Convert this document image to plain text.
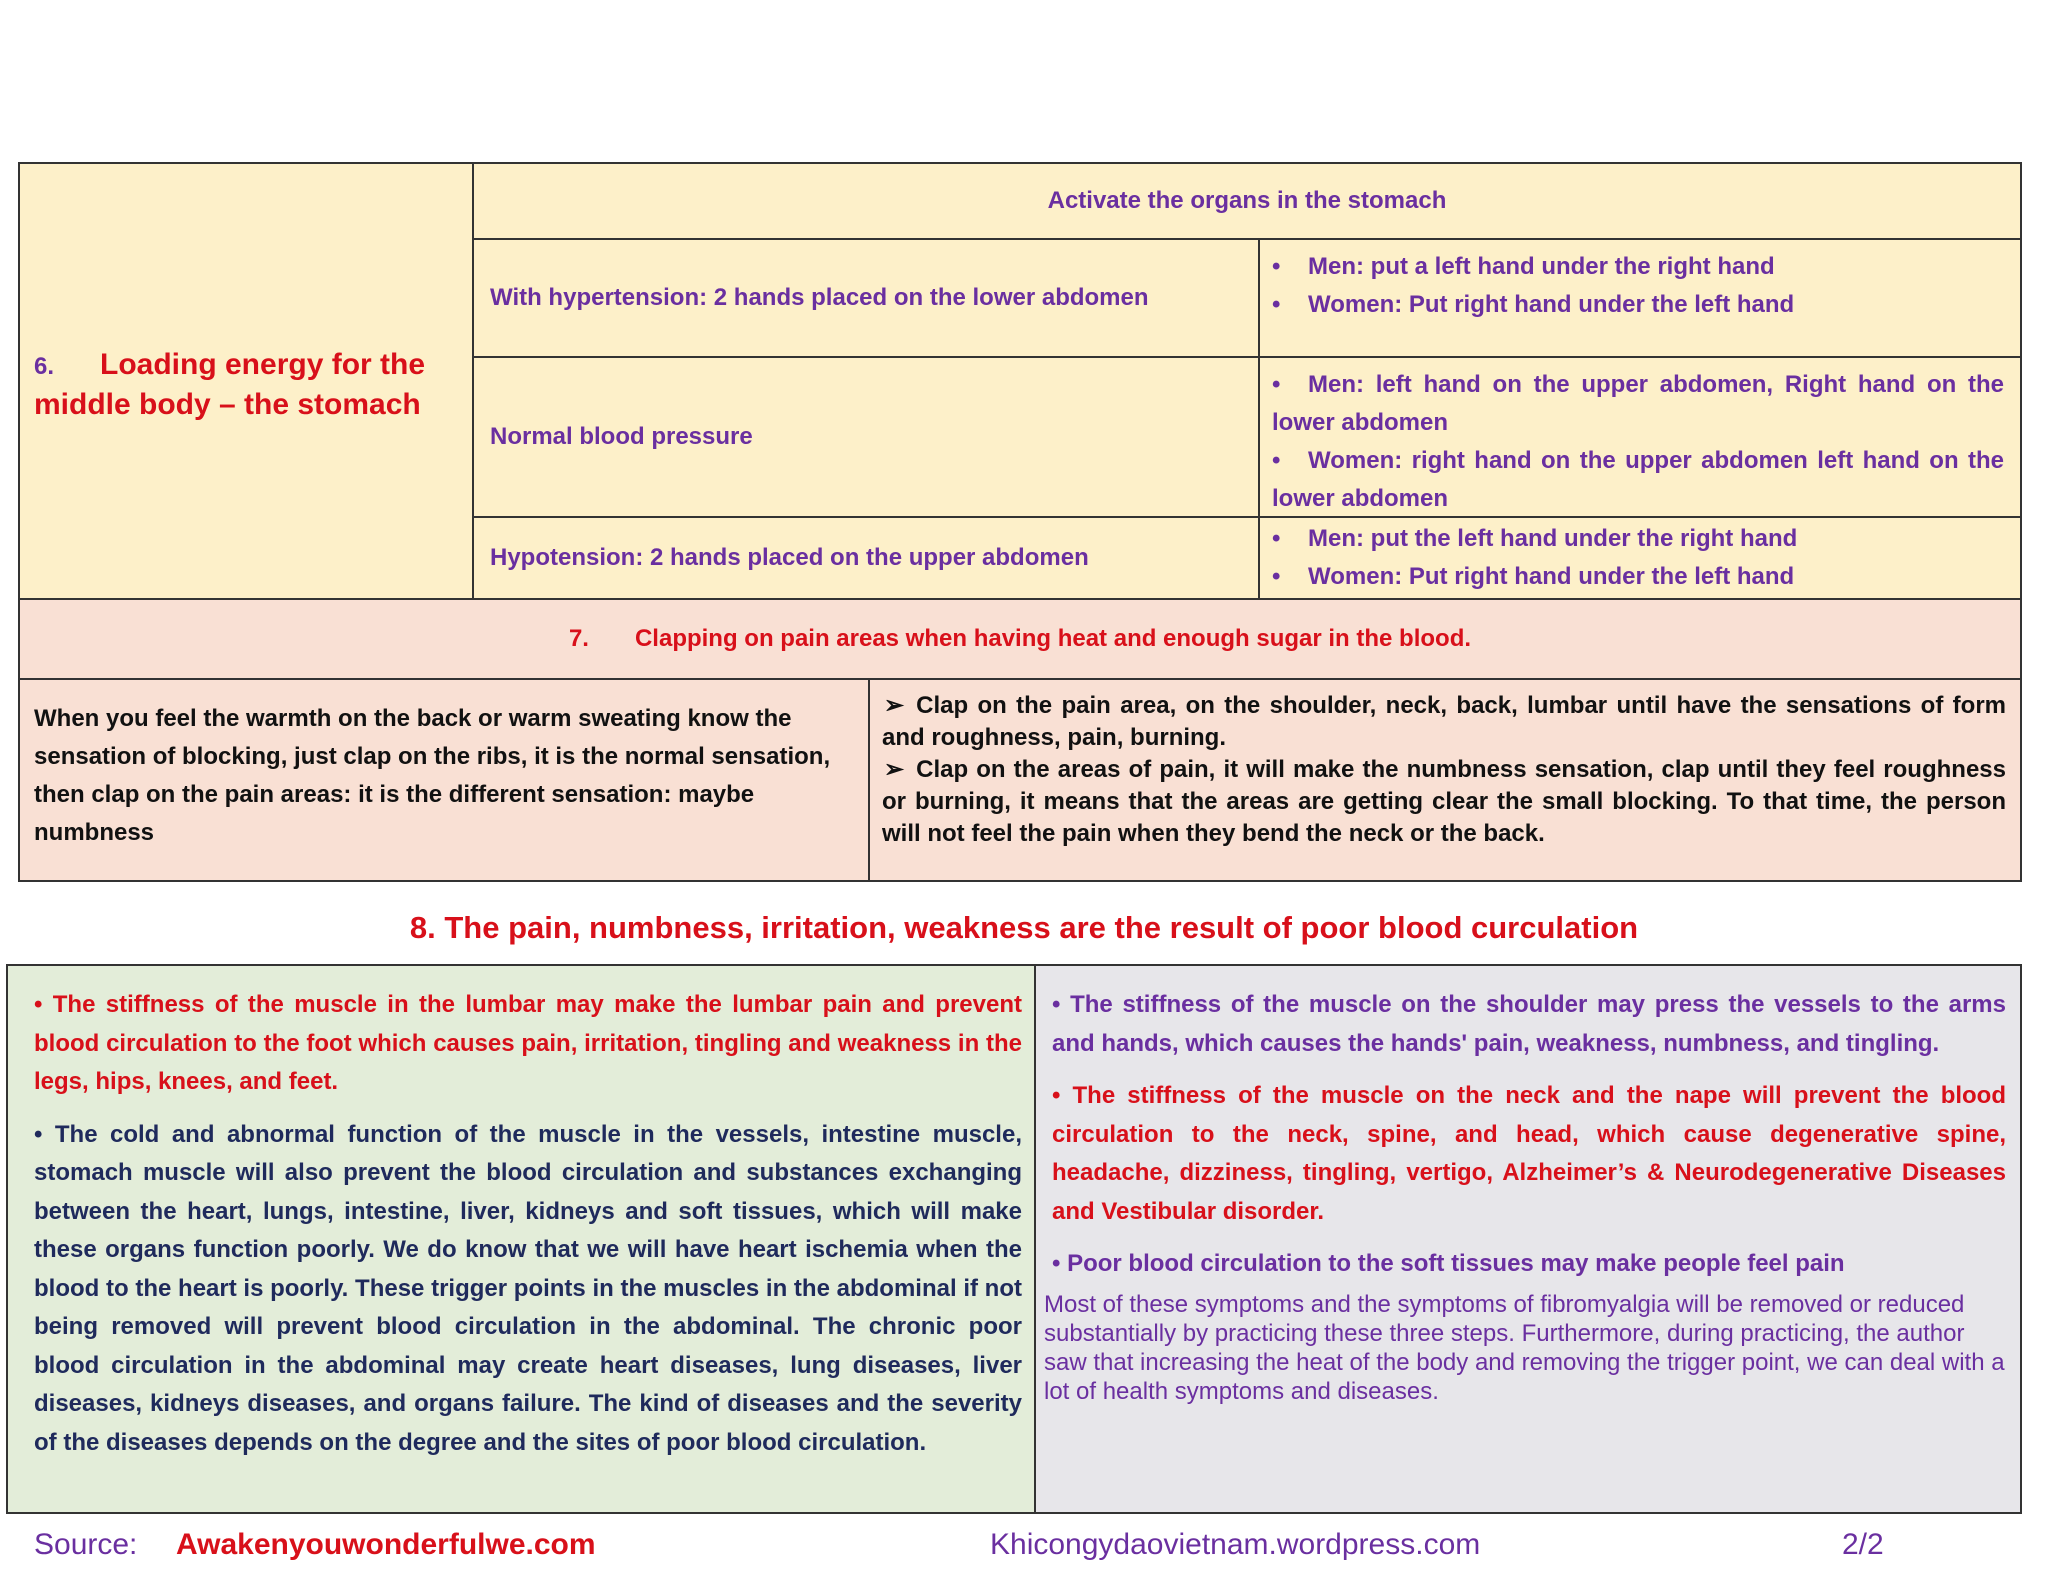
6. Loading energy for the middle body – the stomach
Activate the organs in the stomach
With hypertension: 2 hands placed on the lower abdomen
• Men: put a left hand under the right hand
• Women: Put right hand under the left hand
Normal blood pressure
• Men: left hand on the upper abdomen, Right hand on the lower abdomen
• Women: right hand on the upper abdomen left hand on the lower abdomen
Hypotension: 2 hands placed on the upper abdomen
• Men: put the left hand under the right hand
• Women: Put right hand under the left hand
7. Clapping on pain areas when having heat and enough sugar in the blood.
When you feel the warmth on the back or warm sweating know the sensation of blocking, just clap on the ribs, it is the normal sensation, then clap on the pain areas: it is the different sensation: maybe numbness
➢ Clap on the pain area, on the shoulder, neck, back, lumbar until have the sensations of form and roughness, pain, burning.
➢ Clap on the areas of pain, it will make the numbness sensation, clap until they feel roughness or burning, it means that the areas are getting clear the small blocking. To that time, the person will not feel the pain when they bend the neck or the back.
8. The pain, numbness, irritation, weakness are the result of poor blood curculation
• The stiffness of the muscle in the lumbar may make the lumbar pain and prevent blood circulation to the foot which causes pain, irritation, tingling and weakness in the legs, hips, knees, and feet.
• The cold and abnormal function of the muscle in the vessels, intestine muscle, stomach muscle will also prevent the blood circulation and substances exchanging between the heart, lungs, intestine, liver, kidneys and soft tissues, which will make these organs function poorly. We do know that we will have heart ischemia when the blood to the heart is poorly. These trigger points in the muscles in the abdominal if not being removed will prevent blood circulation in the abdominal. The chronic poor blood circulation in the abdominal may create heart diseases, lung diseases, liver diseases, kidneys diseases, and organs failure. The kind of diseases and the severity of the diseases depends on the degree and the sites of poor blood circulation.
• The stiffness of the muscle on the shoulder may press the vessels to the arms and hands, which causes the hands' pain, weakness, numbness, and tingling.
• The stiffness of the muscle on the neck and the nape will prevent the blood circulation to the neck, spine, and head, which cause degenerative spine, headache, dizziness, tingling, vertigo, Alzheimer’s & Neurodegenerative Diseases and Vestibular disorder.
• Poor blood circulation to the soft tissues may make people feel pain
Most of these symptoms and the symptoms of fibromyalgia will be removed or reduced substantially by practicing these three steps. Furthermore, during practicing, the author saw that increasing the heat of the body and removing the trigger point, we can deal with a lot of health symptoms and diseases.
Source: Awakenyouwonderfulwe.com	Khicongydaovietnam.wordpress.com	2/2
